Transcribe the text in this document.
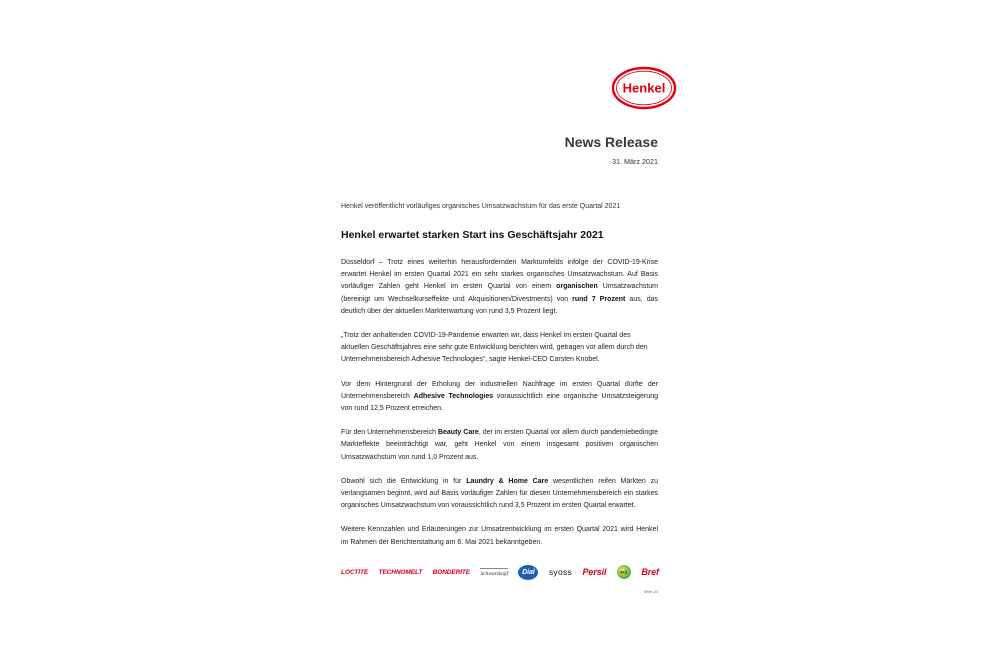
Henkel
News Release
31. März 2021
Henkel veröffentlicht vorläufiges organisches Umsatzwachstum für das erste Quartal 2021
Henkel erwartet starken Start ins Geschäftsjahr 2021

Düsseldorf – Trotz eines weiterhin herausfordernden Marktumfelds infolge der COVID-19-Krise erwartet Henkel im ersten Quartal 2021 ein sehr starkes organisches Umsatzwachstum. Auf Basis vorläufiger Zahlen geht Henkel im ersten Quartal von einem organischen Umsatzwachstum (bereinigt um Wechselkurseffekte und Akquisitionen/Divestments) von rund 7 Prozent aus, das deutlich über der aktuellen Markterwartung von rund 3,5 Prozent liegt.

„Trotz der anhaltenden COVID-19-Pandemie erwarten wir, dass Henkel im ersten Quartal des aktuellen Geschäftsjahres eine sehr gute Entwicklung berichten wird, getragen vor allem durch den Unternehmensbereich Adhesive Technologies“, sagte Henkel-CEO Carsten Knobel.

Vor dem Hintergrund der Erholung der industriellen Nachfrage im ersten Quartal dürfte der Unternehmensbereich Adhesive Technologies voraussichtlich eine organische Umsatzsteigerung von rund 12,5 Prozent erreichen.

Für den Unternehmensbereich Beauty Care, der im ersten Quartal vor allem durch pandemiebedingte Markteffekte beeinträchtigt war, geht Henkel von einem insgesamt positiven organischen Umsatzwachstum von rund 1,0 Prozent aus.

Obwohl sich die Entwicklung in für Laundry & Home Care wesentlichen reifen Märkten zu verlangsamen beginnt, wird auf Basis vorläufiger Zahlen für diesen Unternehmensbereich ein starkes organisches Umsatzwachstum von voraussichtlich rund 3,5 Prozent im ersten Quartal erwartet.

Weitere Kennzahlen und Erläuterungen zur Umsatzentwicklung im ersten Quartal 2021 wird Henkel im Rahmen der Berichterstattung am 6. Mai 2021 bekanntgeben.

LOCTITE TECHNOMELT BONDERITE Schwarzkopf	Dial	syoss Persil	Pril	Bref
Seite 1/3
